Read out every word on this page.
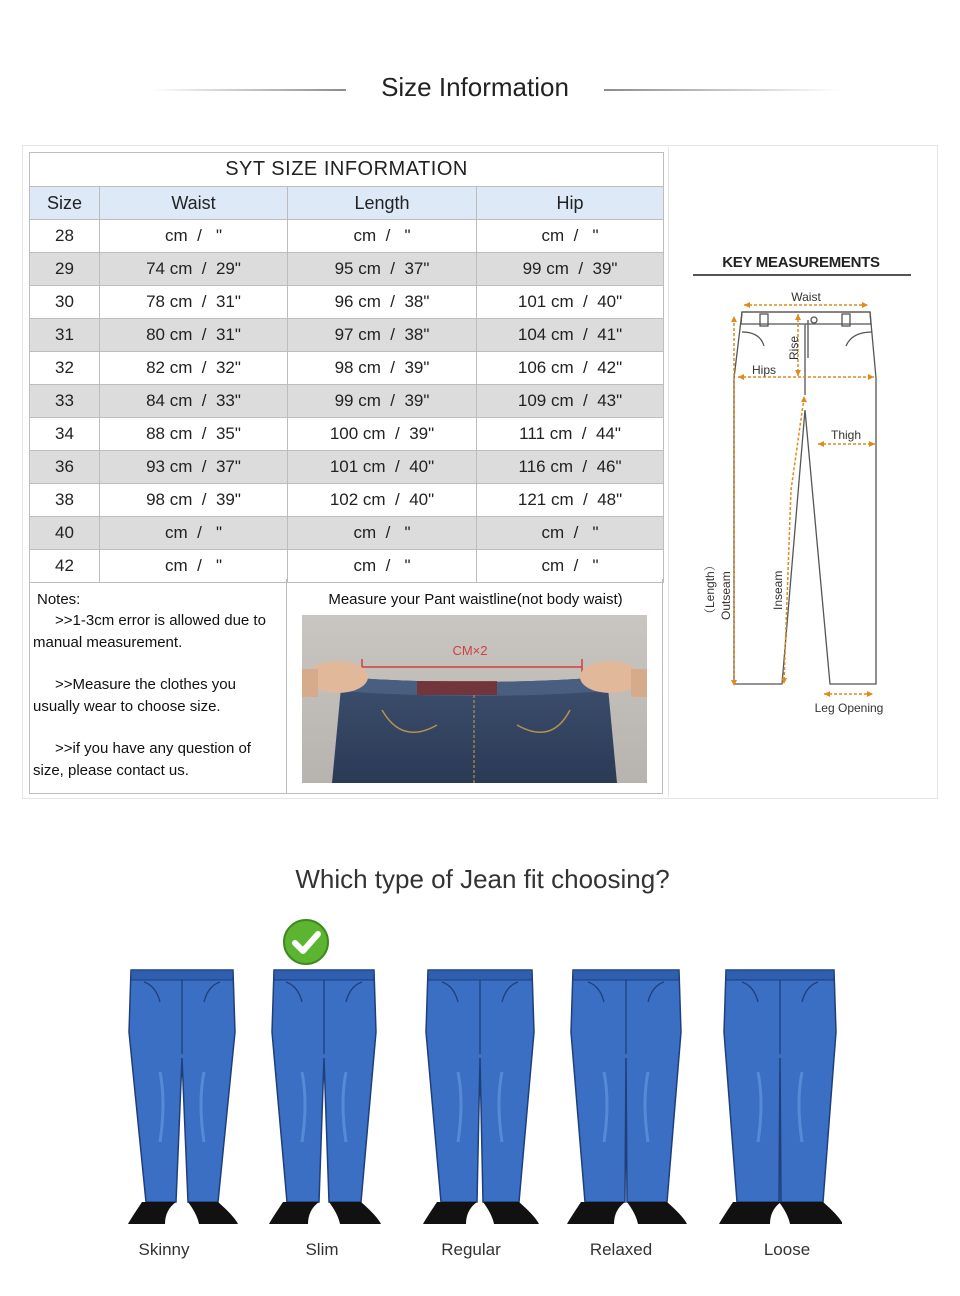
Size Information
SYT SIZE INFORMATION			
Size	Waist	Length	Hip
28	cm  /   "	cm  /   "	cm  /   "
29	74 cm  /  29"	95 cm  /  37"	99 cm  /  39"
30	78 cm  /  31"	96 cm  /  38"	101 cm  /  40"
31	80 cm  /  31"	97 cm  /  38"	104 cm  /  41"
32	82 cm  /  32"	98 cm  /  39"	106 cm  /  42"
33	84 cm  /  33"	99 cm  /  39"	109 cm  /  43"
34	88 cm  /  35"	100 cm  /  39"	111 cm  /  44"
36	93 cm  /  37"	101 cm  /  40"	116 cm  /  46"
38	98 cm  /  39"	102 cm  /  40"	121 cm  /  48"
40	cm  /   "	cm  /   "	cm  /   "
42	cm  /   "	cm  /   "	cm  /   "
Notes:
>>1-3cm error is allowed due to manual measurement.
>>Measure the clothes you usually wear to choose size.
>>if you have any question of size, please contact us.
Measure your Pant waistline(not body waist)
CM×2
KEY MEASUREMENTS
Waist
Hips
Thigh
Leg Opening
Rise
Inseam
Outseam
（Length）
Which type of Jean fit choosing?
Skinny	Slim	Regular	Relaxed	Loose
